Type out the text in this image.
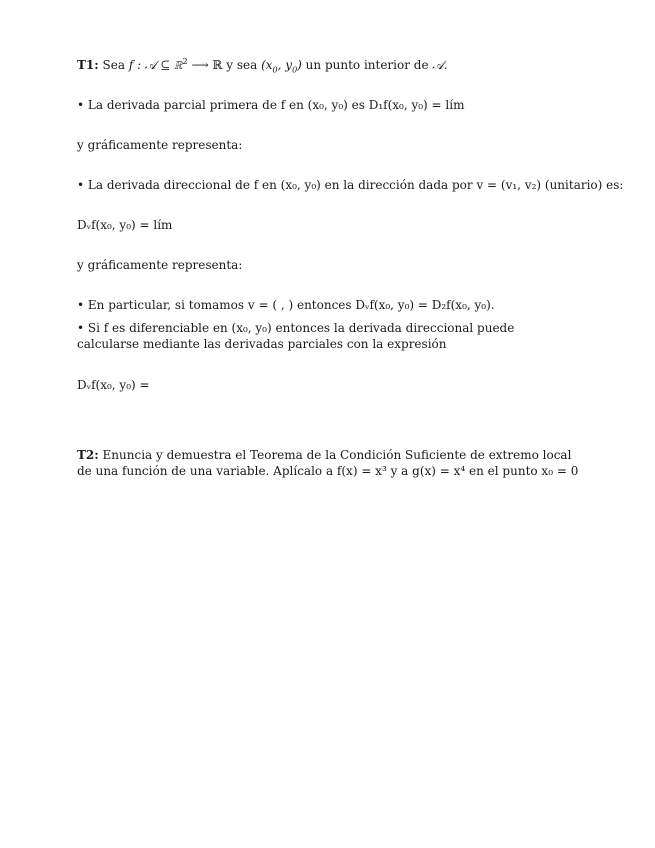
T1: Sea f : 𝒜 ⊆ ℝ$^2$ ⟶ ℝ y sea ($x_0$, $y_0$) un punto interior de 𝒜.
• La derivada parcial primera de f en (x₀, y₀) es D₁f(x₀, y₀) = lím
y gráficamente representa:
• La derivada direccional de f en (x₀, y₀) en la dirección dada por v = (v₁, v₂) (unitario) es:
Dᵥf(x₀, y₀) = lím
y gráficamente representa:
• En particular, si tomamos v = ( , ) entonces Dᵥf(x₀, y₀) = D₂f(x₀, y₀).
• Si f es diferenciable en (x₀, y₀) entonces la derivada direccional puede calcularse mediante las derivadas parciales con la expresión
Dᵥf(x₀, y₀) =
T2: Enuncia y demuestra el Teorema de la Condición Suficiente de extremo local de una función de una variable. Aplícalo a f(x) = x³ y a g(x) = x⁴ en el punto x₀ = 0
